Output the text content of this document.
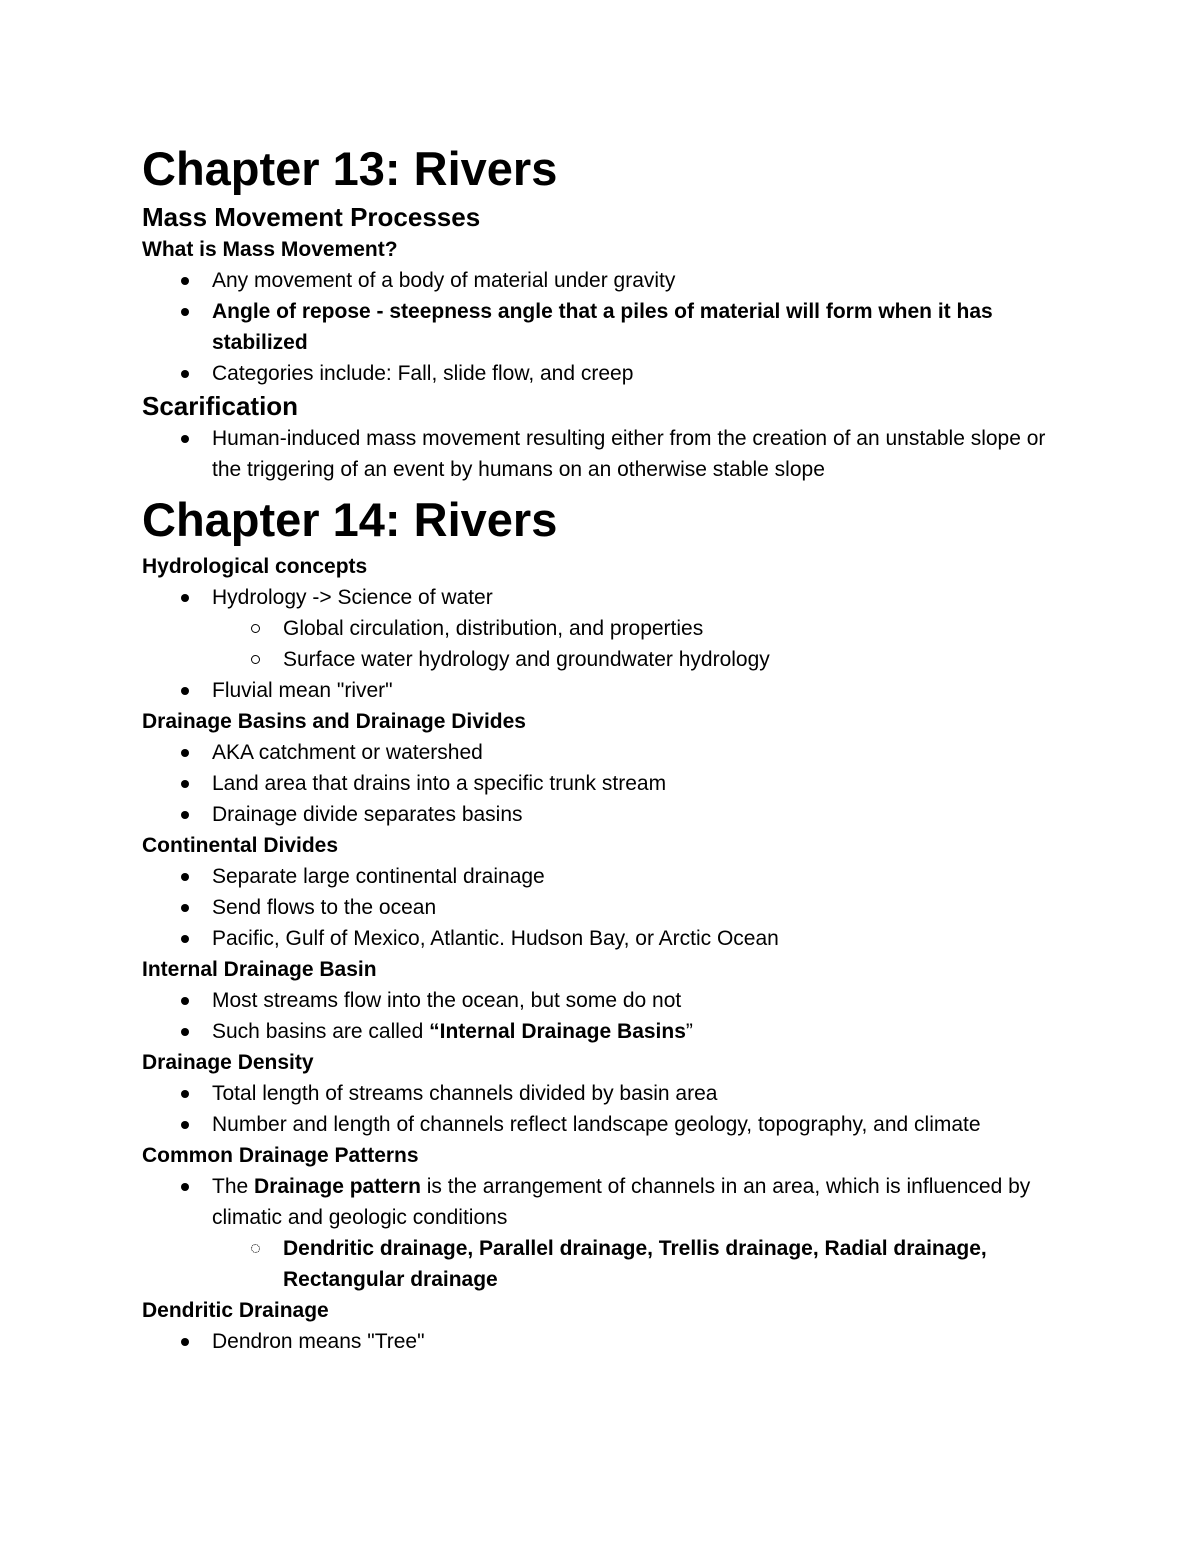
Chapter 13: Rivers
Mass Movement Processes
What is Mass Movement?
Any movement of a body of material under gravity
Angle of repose - steepness angle that a piles of material will form when it has stabilized
Categories include: Fall, slide flow, and creep
Scarification
Human-induced mass movement resulting either from the creation of an unstable slope or the triggering of an event by humans on an otherwise stable slope
Chapter 14: Rivers
Hydrological concepts
Hydrology -> Science of water
Global circulation, distribution, and properties
Surface water hydrology and groundwater hydrology
Fluvial mean "river"
Drainage Basins and Drainage Divides
AKA catchment or watershed
Land area that drains into a specific trunk stream
Drainage divide separates basins
Continental Divides
Separate large continental drainage
Send flows to the ocean
Pacific, Gulf of Mexico, Atlantic. Hudson Bay, or Arctic Ocean
Internal Drainage Basin
Most streams flow into the ocean, but some do not
Such basins are called “Internal Drainage Basins”
Drainage Density
Total length of streams channels divided by basin area
Number and length of channels reflect landscape geology, topography, and climate
Common Drainage Patterns
The Drainage pattern is the arrangement of channels in an area, which is influenced by climatic and geologic conditions
Dendritic drainage, Parallel drainage, Trellis drainage, Radial drainage, Rectangular drainage
Dendritic Drainage
Dendron means "Tree"
